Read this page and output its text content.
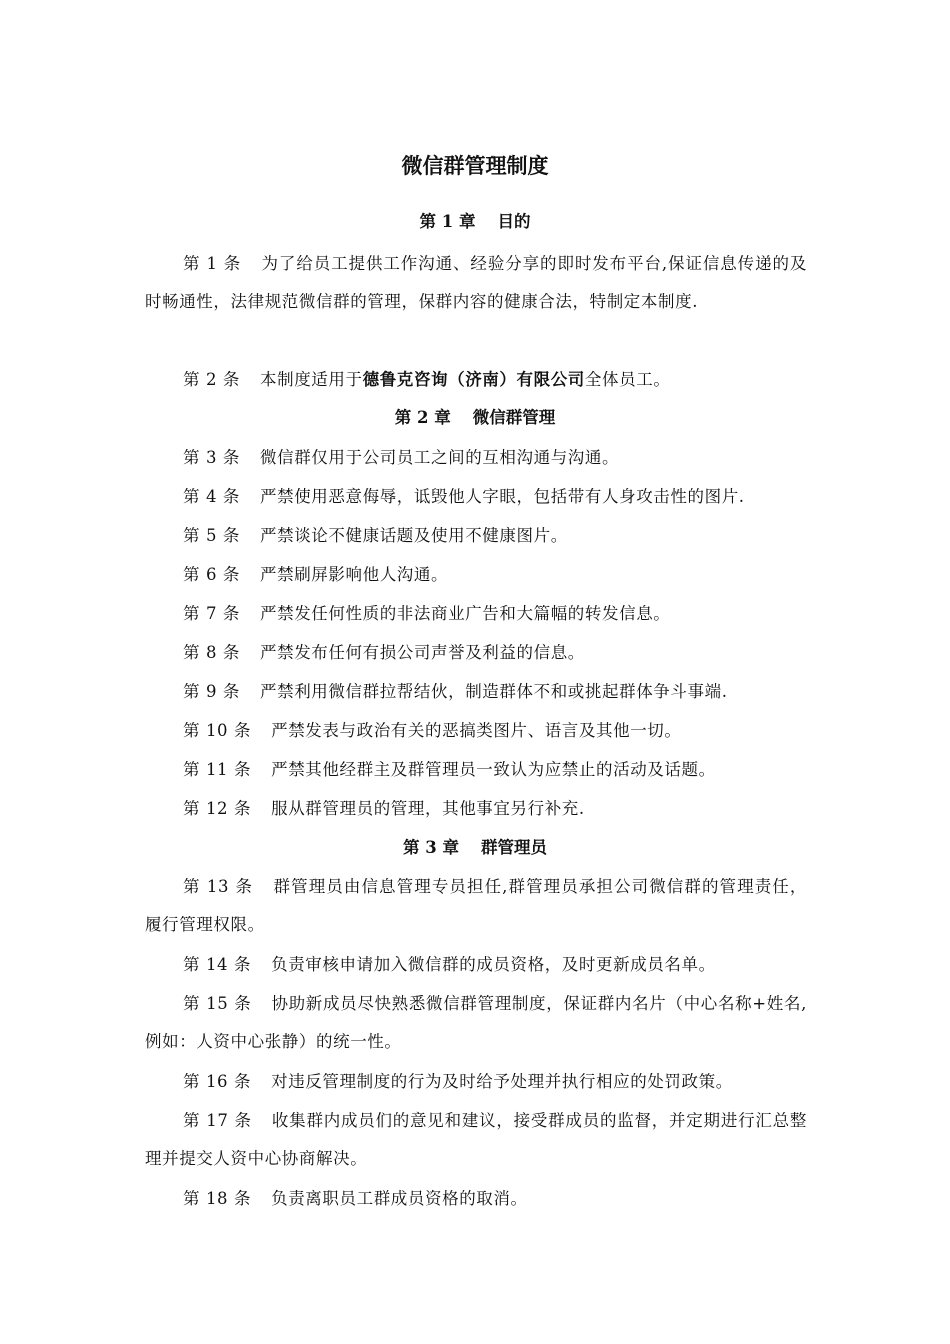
微信群管理制度
第 1 章 目的
第 1 条 为了给员工提供工作沟通、经验分享的即时发布平台,保证信息传递的及时畅通性，法律规范微信群的管理，保群内容的健康合法，特制定本制度.
第 2 条 本制度适用于德鲁克咨询（济南）有限公司全体员工。
第 2 章 微信群管理
第 3 条 微信群仅用于公司员工之间的互相沟通与沟通。
第 4 条 严禁使用恶意侮辱，诋毁他人字眼，包括带有人身攻击性的图片.
第 5 条 严禁谈论不健康话题及使用不健康图片。
第 6 条 严禁刷屏影响他人沟通。
第 7 条 严禁发任何性质的非法商业广告和大篇幅的转发信息。
第 8 条 严禁发布任何有损公司声誉及利益的信息。
第 9 条 严禁利用微信群拉帮结伙，制造群体不和或挑起群体争斗事端.
第 10 条 严禁发表与政治有关的恶搞类图片、语言及其他一切。
第 11 条 严禁其他经群主及群管理员一致认为应禁止的活动及话题。
第 12 条 服从群管理员的管理，其他事宜另行补充.
第 3 章 群管理员
第 13 条 群管理员由信息管理专员担任,群管理员承担公司微信群的管理责任，履行管理权限。
第 14 条 负责审核申请加入微信群的成员资格，及时更新成员名单。
第 15 条 协助新成员尽快熟悉微信群管理制度，保证群内名片（中心名称+姓名,例如：人资中心张静）的统一性。
第 16 条 对违反管理制度的行为及时给予处理并执行相应的处罚政策。
第 17 条 收集群内成员们的意见和建议，接受群成员的监督，并定期进行汇总整理并提交人资中心协商解决。
第 18 条 负责离职员工群成员资格的取消。
